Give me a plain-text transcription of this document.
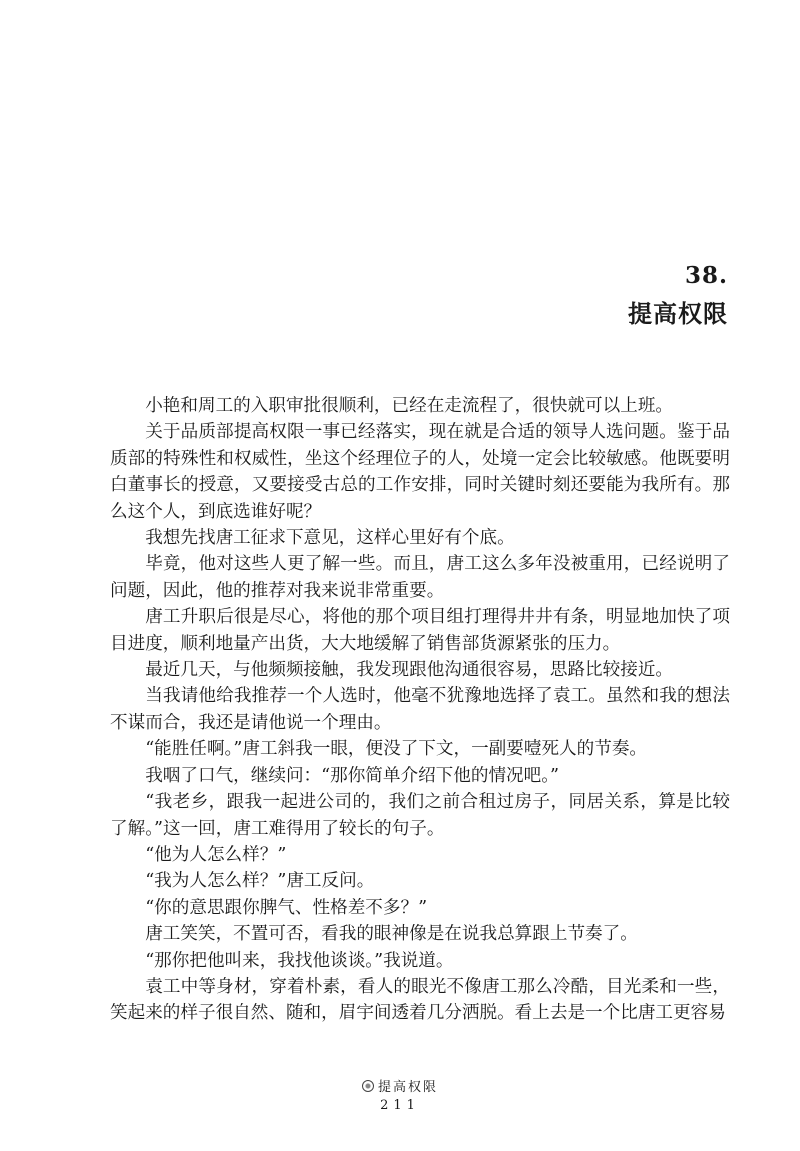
38.
提高权限

小艳和周工的入职审批很顺利，已经在走流程了，很快就可以上班。

关于品质部提高权限一事已经落实，现在就是合适的领导人选问题。鉴于品质部的特殊性和权威性，坐这个经理位子的人，处境一定会比较敏感。他既要明白董事长的授意，又要接受古总的工作安排，同时关键时刻还要能为我所有。那么这个人，到底选谁好呢？

我想先找唐工征求下意见，这样心里好有个底。

毕竟，他对这些人更了解一些。而且，唐工这么多年没被重用，已经说明了问题，因此，他的推荐对我来说非常重要。

唐工升职后很是尽心，将他的那个项目组打理得井井有条，明显地加快了项目进度，顺利地量产出货，大大地缓解了销售部货源紧张的压力。

最近几天，与他频频接触，我发现跟他沟通很容易，思路比较接近。

当我请他给我推荐一个人选时，他毫不犹豫地选择了袁工。虽然和我的想法不谋而合，我还是请他说一个理由。

“能胜任啊。”唐工斜我一眼，便没了下文，一副要噎死人的节奏。

我咽了口气，继续问：“那你简单介绍下他的情况吧。”

“我老乡，跟我一起进公司的，我们之前合租过房子，同居关系，算是比较了解。”这一回，唐工难得用了较长的句子。

“他为人怎么样？”

“我为人怎么样？”唐工反问。

“你的意思跟你脾气、性格差不多？”

唐工笑笑，不置可否，看我的眼神像是在说我总算跟上节奏了。

“那你把他叫来，我找他谈谈。”我说道。

袁工中等身材，穿着朴素，看人的眼光不像唐工那么冷酷，目光柔和一些，笑起来的样子很自然、随和，眉宇间透着几分洒脱。看上去是一个比唐工更容易

提高权限
211
